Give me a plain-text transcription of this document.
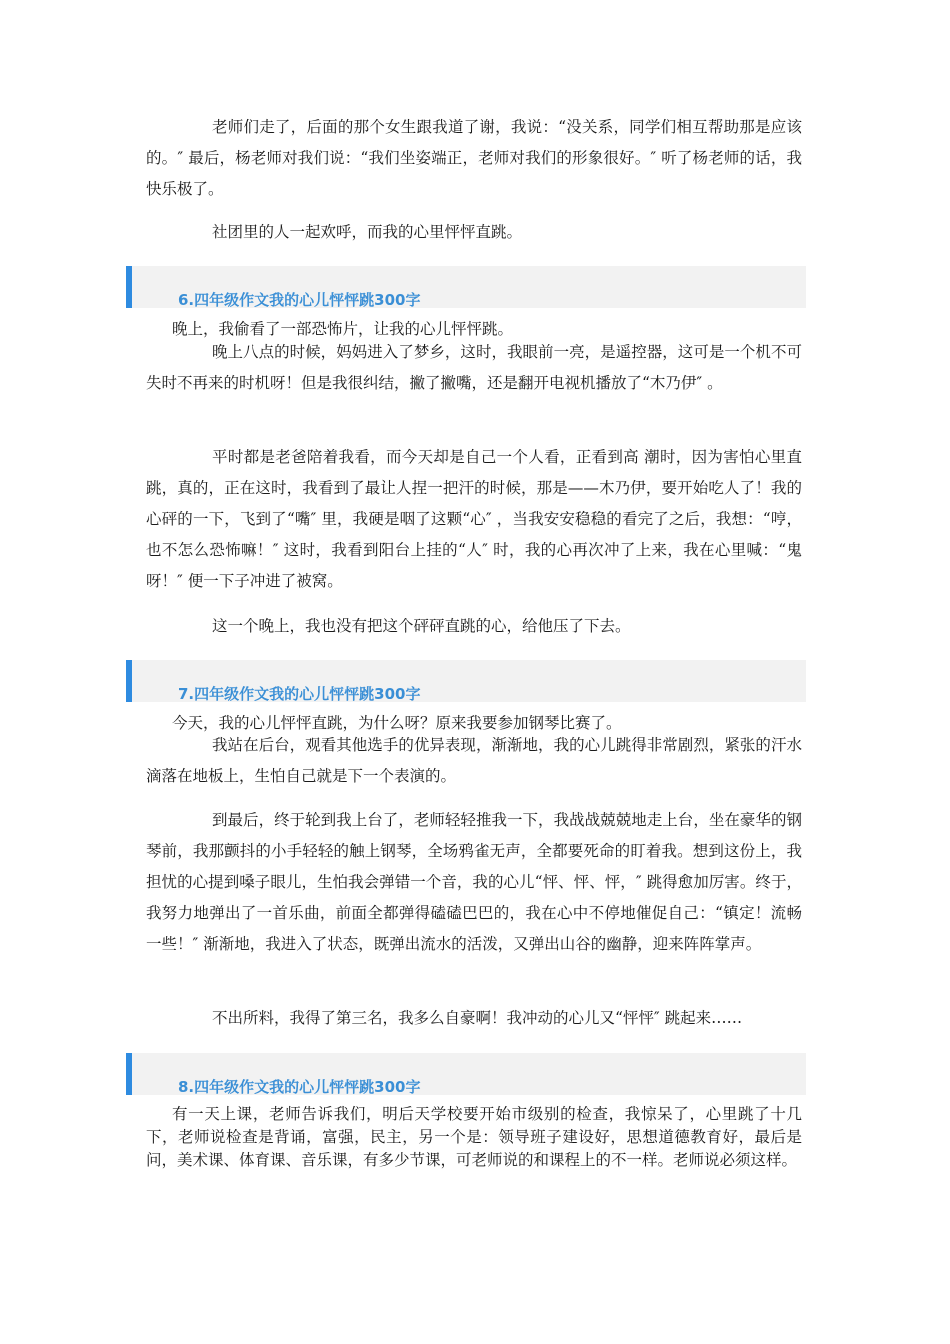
老师们走了，后面的那个女生跟我道了谢，我说：“没关系，同学们相互帮助那是应该的。″ 最后，杨老师对我们说：“我们坐姿端正，老师对我们的形象很好。″ 听了杨老师的话，我快乐极了。

社团里的人一起欢呼，而我的心里怦怦直跳。

6.四年级作文我的心儿怦怦跳300字

晚上，我偷看了一部恐怖片，让我的心儿怦怦跳。

晚上八点的时候，妈妈进入了梦乡，这时，我眼前一亮，是遥控器，这可是一个机不可失时不再来的时机呀！但是我很纠结，撇了撇嘴，还是翻开电视机播放了“木乃伊″ 。

平时都是老爸陪着我看，而今天却是自己一个人看，正看到高 潮时，因为害怕心里直跳，真的，正在这时，我看到了最让人捏一把汗的时候，那是——木乃伊，要开始吃人了！我的心砰的一下，飞到了“嘴″ 里，我硬是咽了这颗“心″ ，当我安安稳稳的看完了之后，我想：“哼，也不怎么恐怖嘛！″ 这时，我看到阳台上挂的“人″ 时，我的心再次冲了上来，我在心里喊：“鬼呀！″ 便一下子冲进了被窝。

这一个晚上，我也没有把这个砰砰直跳的心，给他压了下去。

7.四年级作文我的心儿怦怦跳300字

今天，我的心儿怦怦直跳，为什么呀？原来我要参加钢琴比赛了。

我站在后台，观看其他选手的优异表现，渐渐地，我的心儿跳得非常剧烈，紧张的汗水滴落在地板上，生怕自己就是下一个表演的。

到最后，终于轮到我上台了，老师轻轻推我一下，我战战兢兢地走上台，坐在豪华的钢琴前，我那颤抖的小手轻轻的触上钢琴，全场鸦雀无声，全都要死命的盯着我。想到这份上，我担忧的心提到嗓子眼儿，生怕我会弹错一个音，我的心儿“怦、怦、怦，″ 跳得愈加厉害。终于，我努力地弹出了一首乐曲，前面全都弹得磕磕巴巴的，我在心中不停地催促自己：“镇定！流畅一些！″ 渐渐地，我进入了状态，既弹出流水的活泼，又弹出山谷的幽静，迎来阵阵掌声。

不出所料，我得了第三名，我多么自豪啊！我冲动的心儿又“怦怦″ 跳起来……

8.四年级作文我的心儿怦怦跳300字

有一天上课，老师告诉我们，明后天学校要开始市级别的检查，我惊呆了，心里跳了十几下，老师说检查是背诵，富强，民主，另一个是：领导班子建设好，思想道德教育好，最后是问，美术课、体育课、音乐课，有多少节课，可老师说的和课程上的不一样。老师说必须这样。
